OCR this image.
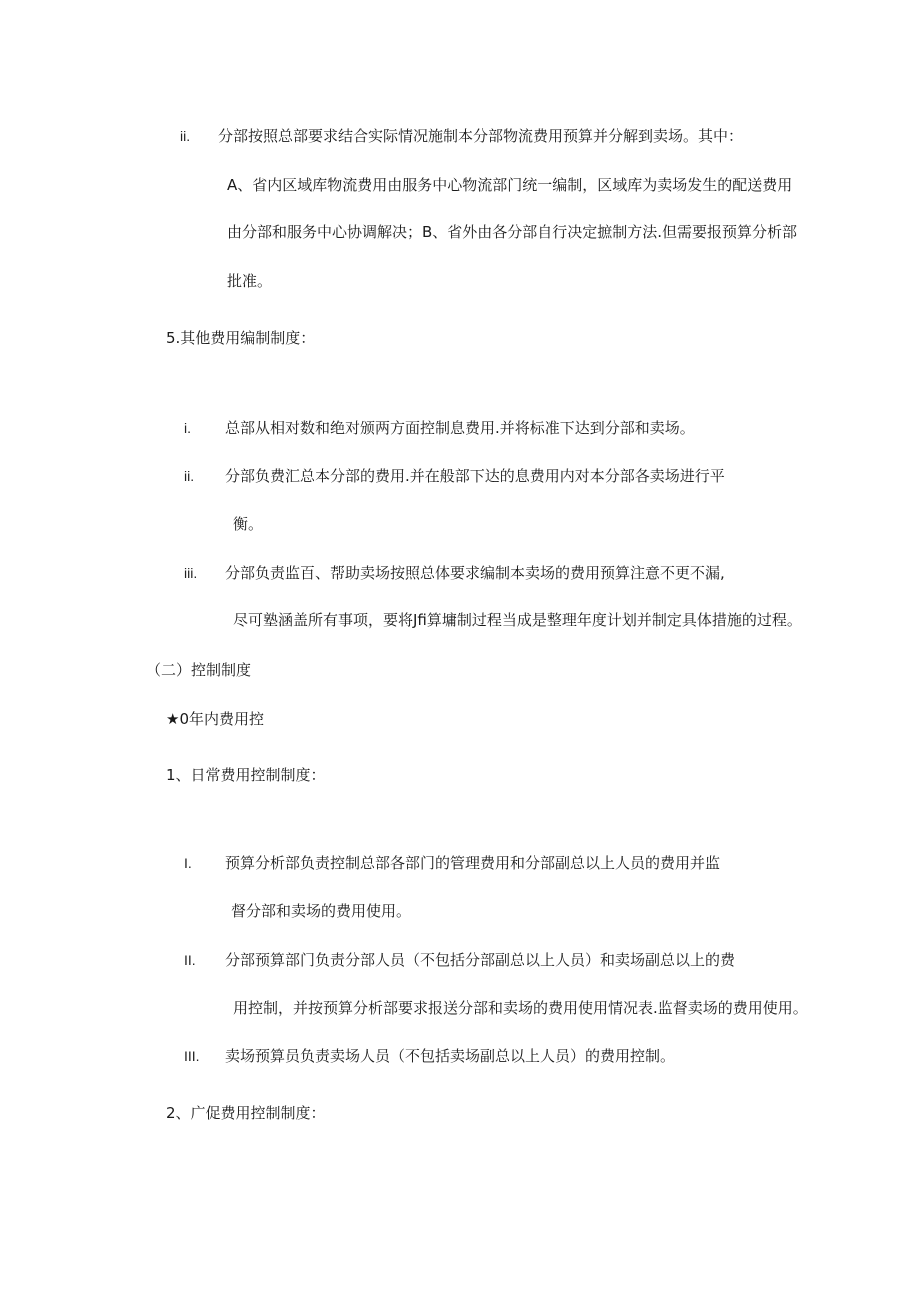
ii. 分部按照总部要求结合实际情况施制本分部物流费用预算并分解到卖场。其中：
A、省内区域库物流费用由服务中心物流部门统一编制，区域库为卖场发生的配送费用
由分部和服务中心协调解决；B、省外由各分部自行决定摭制方法.但需要报预算分析部
批准。
5.其他费用编制制度：
i. 总部从相对数和绝对颁两方面控制息费用.并将标准下达到分部和卖场。
ii. 分部负费汇总本分部的费用.并在般部下达的息费用内对本分部各卖场进行平
衡。
iii. 分部负责监百、帮助卖场按照总体要求编制本卖场的费用预算注意不更不漏,
尽可塾涵盖所有事项，要将Jfi算墉制过程当成是整理年度计划并制定具体措施的过程。
（二）控制制度
★0年内费用控
1、日常费用控制制度：
I. 预算分析部负责控制总部各部门的管理费用和分部副总以上人员的费用并监
督分部和卖场的费用使用。
II. 分部预算部门负责分部人员（不包括分部副总以上人员）和卖场副总以上的费
用控制，并按预算分析部要求报送分部和卖场的费用使用情况表.监督卖场的费用使用。
III. 卖场预算员负责卖场人员（不包括卖场副总以上人员）的费用控制。
2、广促费用控制制度：
